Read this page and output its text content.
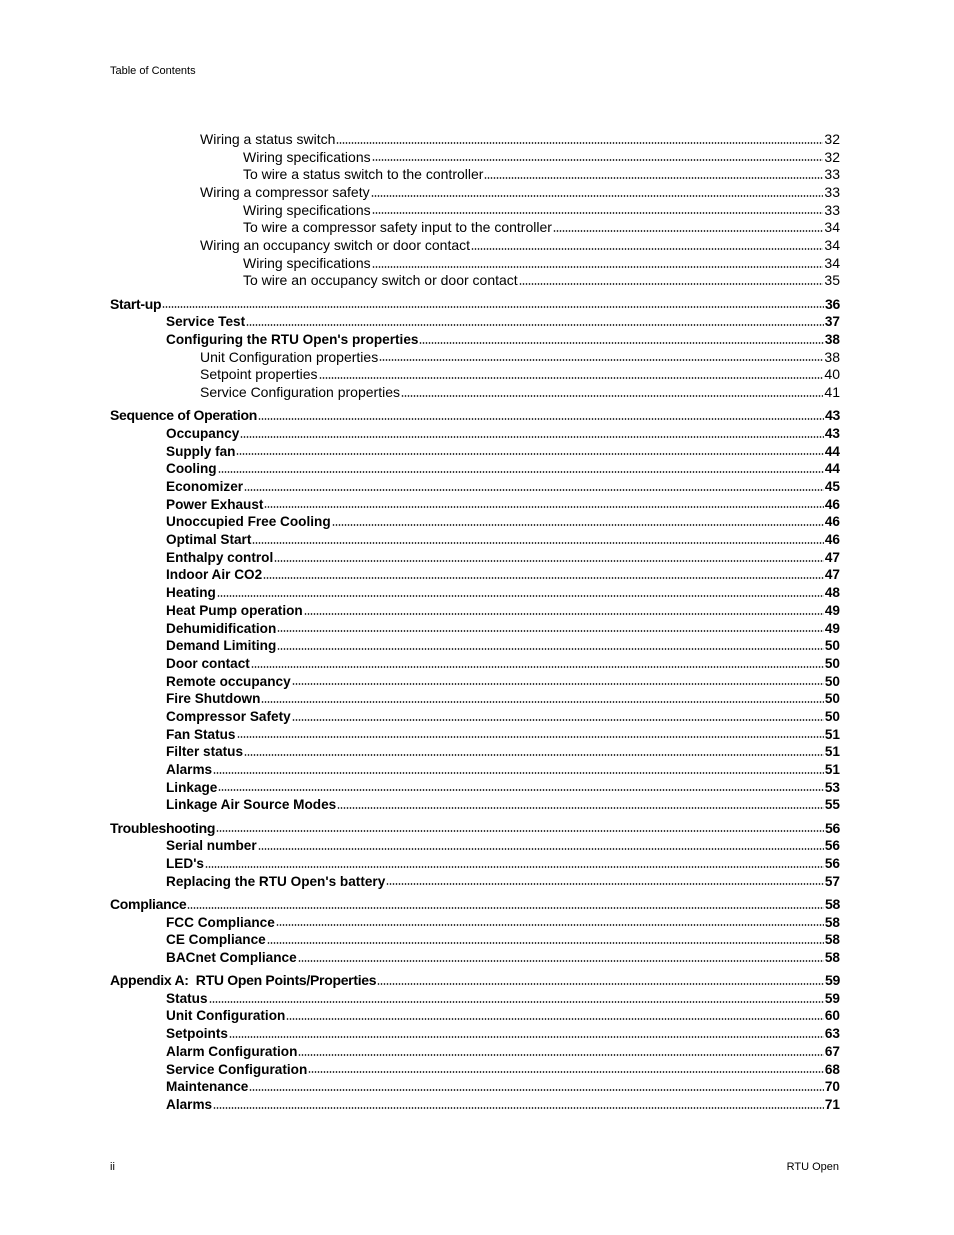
Table of Contents
Wiring a status switch	32
Wiring specifications	32
To wire a status switch to the controller	33
Wiring a compressor safety	33
Wiring specifications	33
To wire a compressor safety input to the controller	34
Wiring an occupancy switch or door contact	34
Wiring specifications	34
To wire an occupancy switch or door contact	35
Start-up	36
Service Test	37
Configuring the RTU Open's properties	38
Unit Configuration properties	38
Setpoint properties	40
Service Configuration properties	41
Sequence of Operation	43
Occupancy	43
Supply fan	44
Cooling	44
Economizer	45
Power Exhaust	46
Unoccupied Free Cooling	46
Optimal Start	46
Enthalpy control	47
Indoor Air CO2	47
Heating	48
Heat Pump operation	49
Dehumidification	49
Demand Limiting	50
Door contact	50
Remote occupancy	50
Fire Shutdown	50
Compressor Safety	50
Fan Status	51
Filter status	51
Alarms	51
Linkage	53
Linkage Air Source Modes	55
Troubleshooting	56
Serial number	56
LED's	56
Replacing the RTU Open's battery	57
Compliance	58
FCC Compliance	58
CE Compliance	58
BACnet Compliance	58
Appendix A:  RTU Open Points/Properties	59
Status	59
Unit Configuration	60
Setpoints	63
Alarm Configuration	67
Service Configuration	68
Maintenance	70
Alarms	71
ii	RTU Open
